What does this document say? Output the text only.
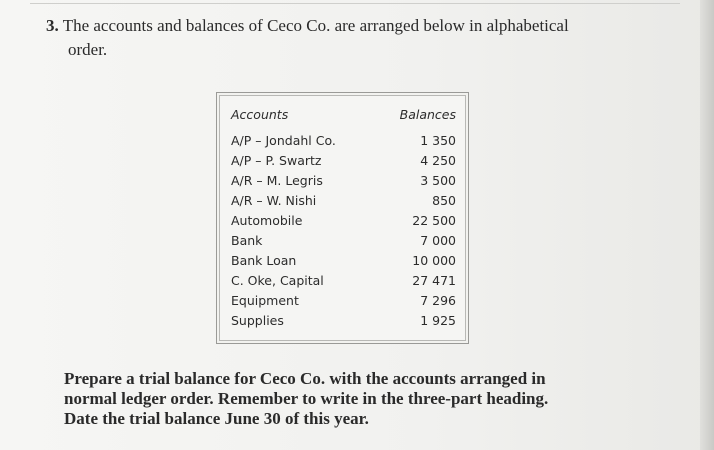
3. The accounts and balances of Ceco Co. are arranged below in alphabetical
order.
Accounts	Balances
A/P – Jondahl Co.	1 350
A/P – P. Swartz	4 250
A/R – M. Legris	3 500
A/R – W. Nishi	850
Automobile	22 500
Bank	7 000
Bank Loan	10 000
C. Oke, Capital	27 471
Equipment	7 296
Supplies	1 925
Prepare a trial balance for Ceco Co. with the accounts arranged in
normal ledger order. Remember to write in the three-part heading.
Date the trial balance June 30 of this year.
